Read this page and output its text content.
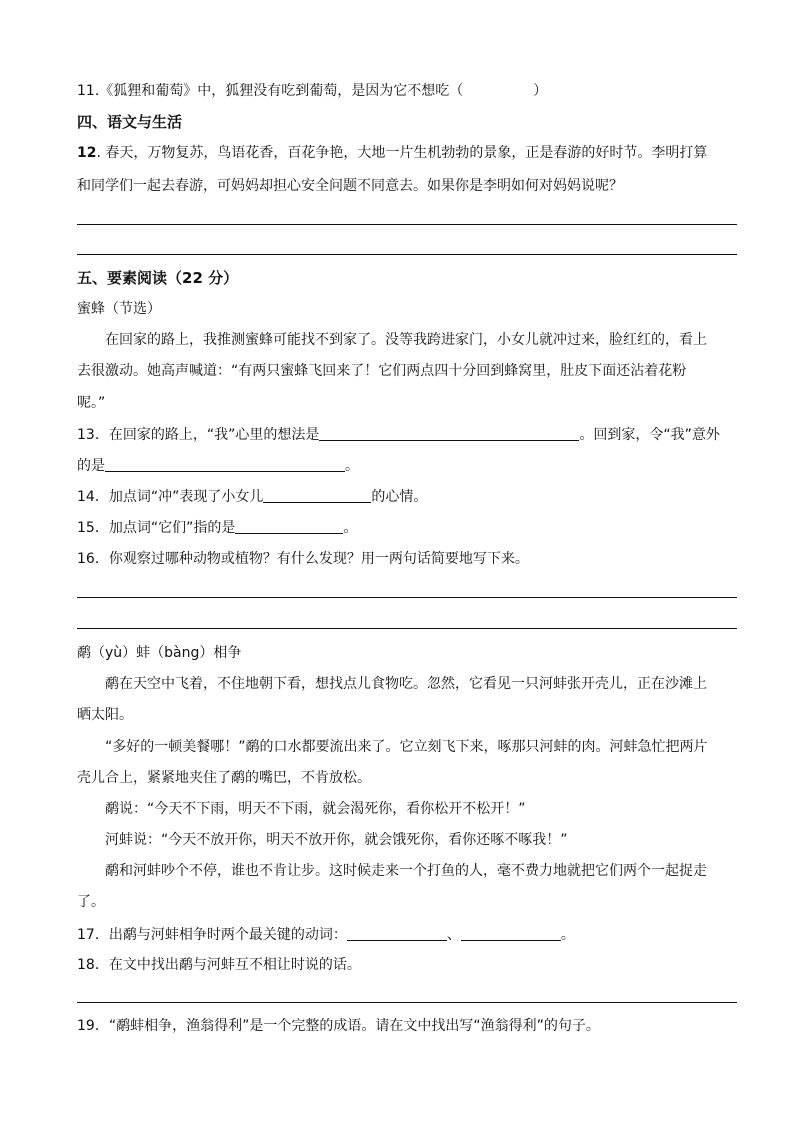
11.《狐狸和葡萄》中，狐狸没有吃到葡萄，是因为它不想吃（	）
四、语文与生活
12. 春天，万物复苏，鸟语花香，百花争艳，大地一片生机勃勃的景象，正是春游的好时节。李明打算
和同学们一起去春游，可妈妈却担心安全问题不同意去。如果你是李明如何对妈妈说呢？
五、要素阅读（22 分）
蜜蜂（节选）
在回家的路上，我推测蜜蜂可能找不到家了。没等我跨进家门，小女儿就冲过来，脸红红的，看上
去很激动。她高声喊道：“有两只蜜蜂飞回来了！它们两点四十分回到蜂窝里，肚皮下面还沾着花粉
呢。”
13．在回家的路上，“我”心里的想法是	。回到家，令“我”意外
的是	。
14．加点词“冲”表现了小女儿	的心情。
15．加点词“它们”指的是	。
16．你观察过哪种动物或植物？有什么发现？用一两句话简要地写下来。
鹬（yù）蚌（bàng）相争
鹬在天空中飞着，不住地朝下看，想找点儿食物吃。忽然，它看见一只河蚌张开壳儿，正在沙滩上
晒太阳。
“多好的一顿美餐哪！”鹬的口水都要流出来了。它立刻飞下来，啄那只河蚌的肉。河蚌急忙把两片
壳儿合上，紧紧地夹住了鹬的嘴巴，不肯放松。
鹬说：“今天不下雨，明天不下雨，就会渴死你，看你松开不松开！”
河蚌说：“今天不放开你，明天不放开你，就会饿死你，看你还啄不啄我！”
鹬和河蚌吵个不停，谁也不肯让步。这时候走来一个打鱼的人，毫不费力地就把它们两个一起捉走
了。
17．出鹬与河蚌相争时两个最关键的动词：	、	。
18．在文中找出鹬与河蚌互不相让时说的话。
19．“鹬蚌相争，渔翁得利”是一个完整的成语。请在文中找出写“渔翁得利”的句子。
